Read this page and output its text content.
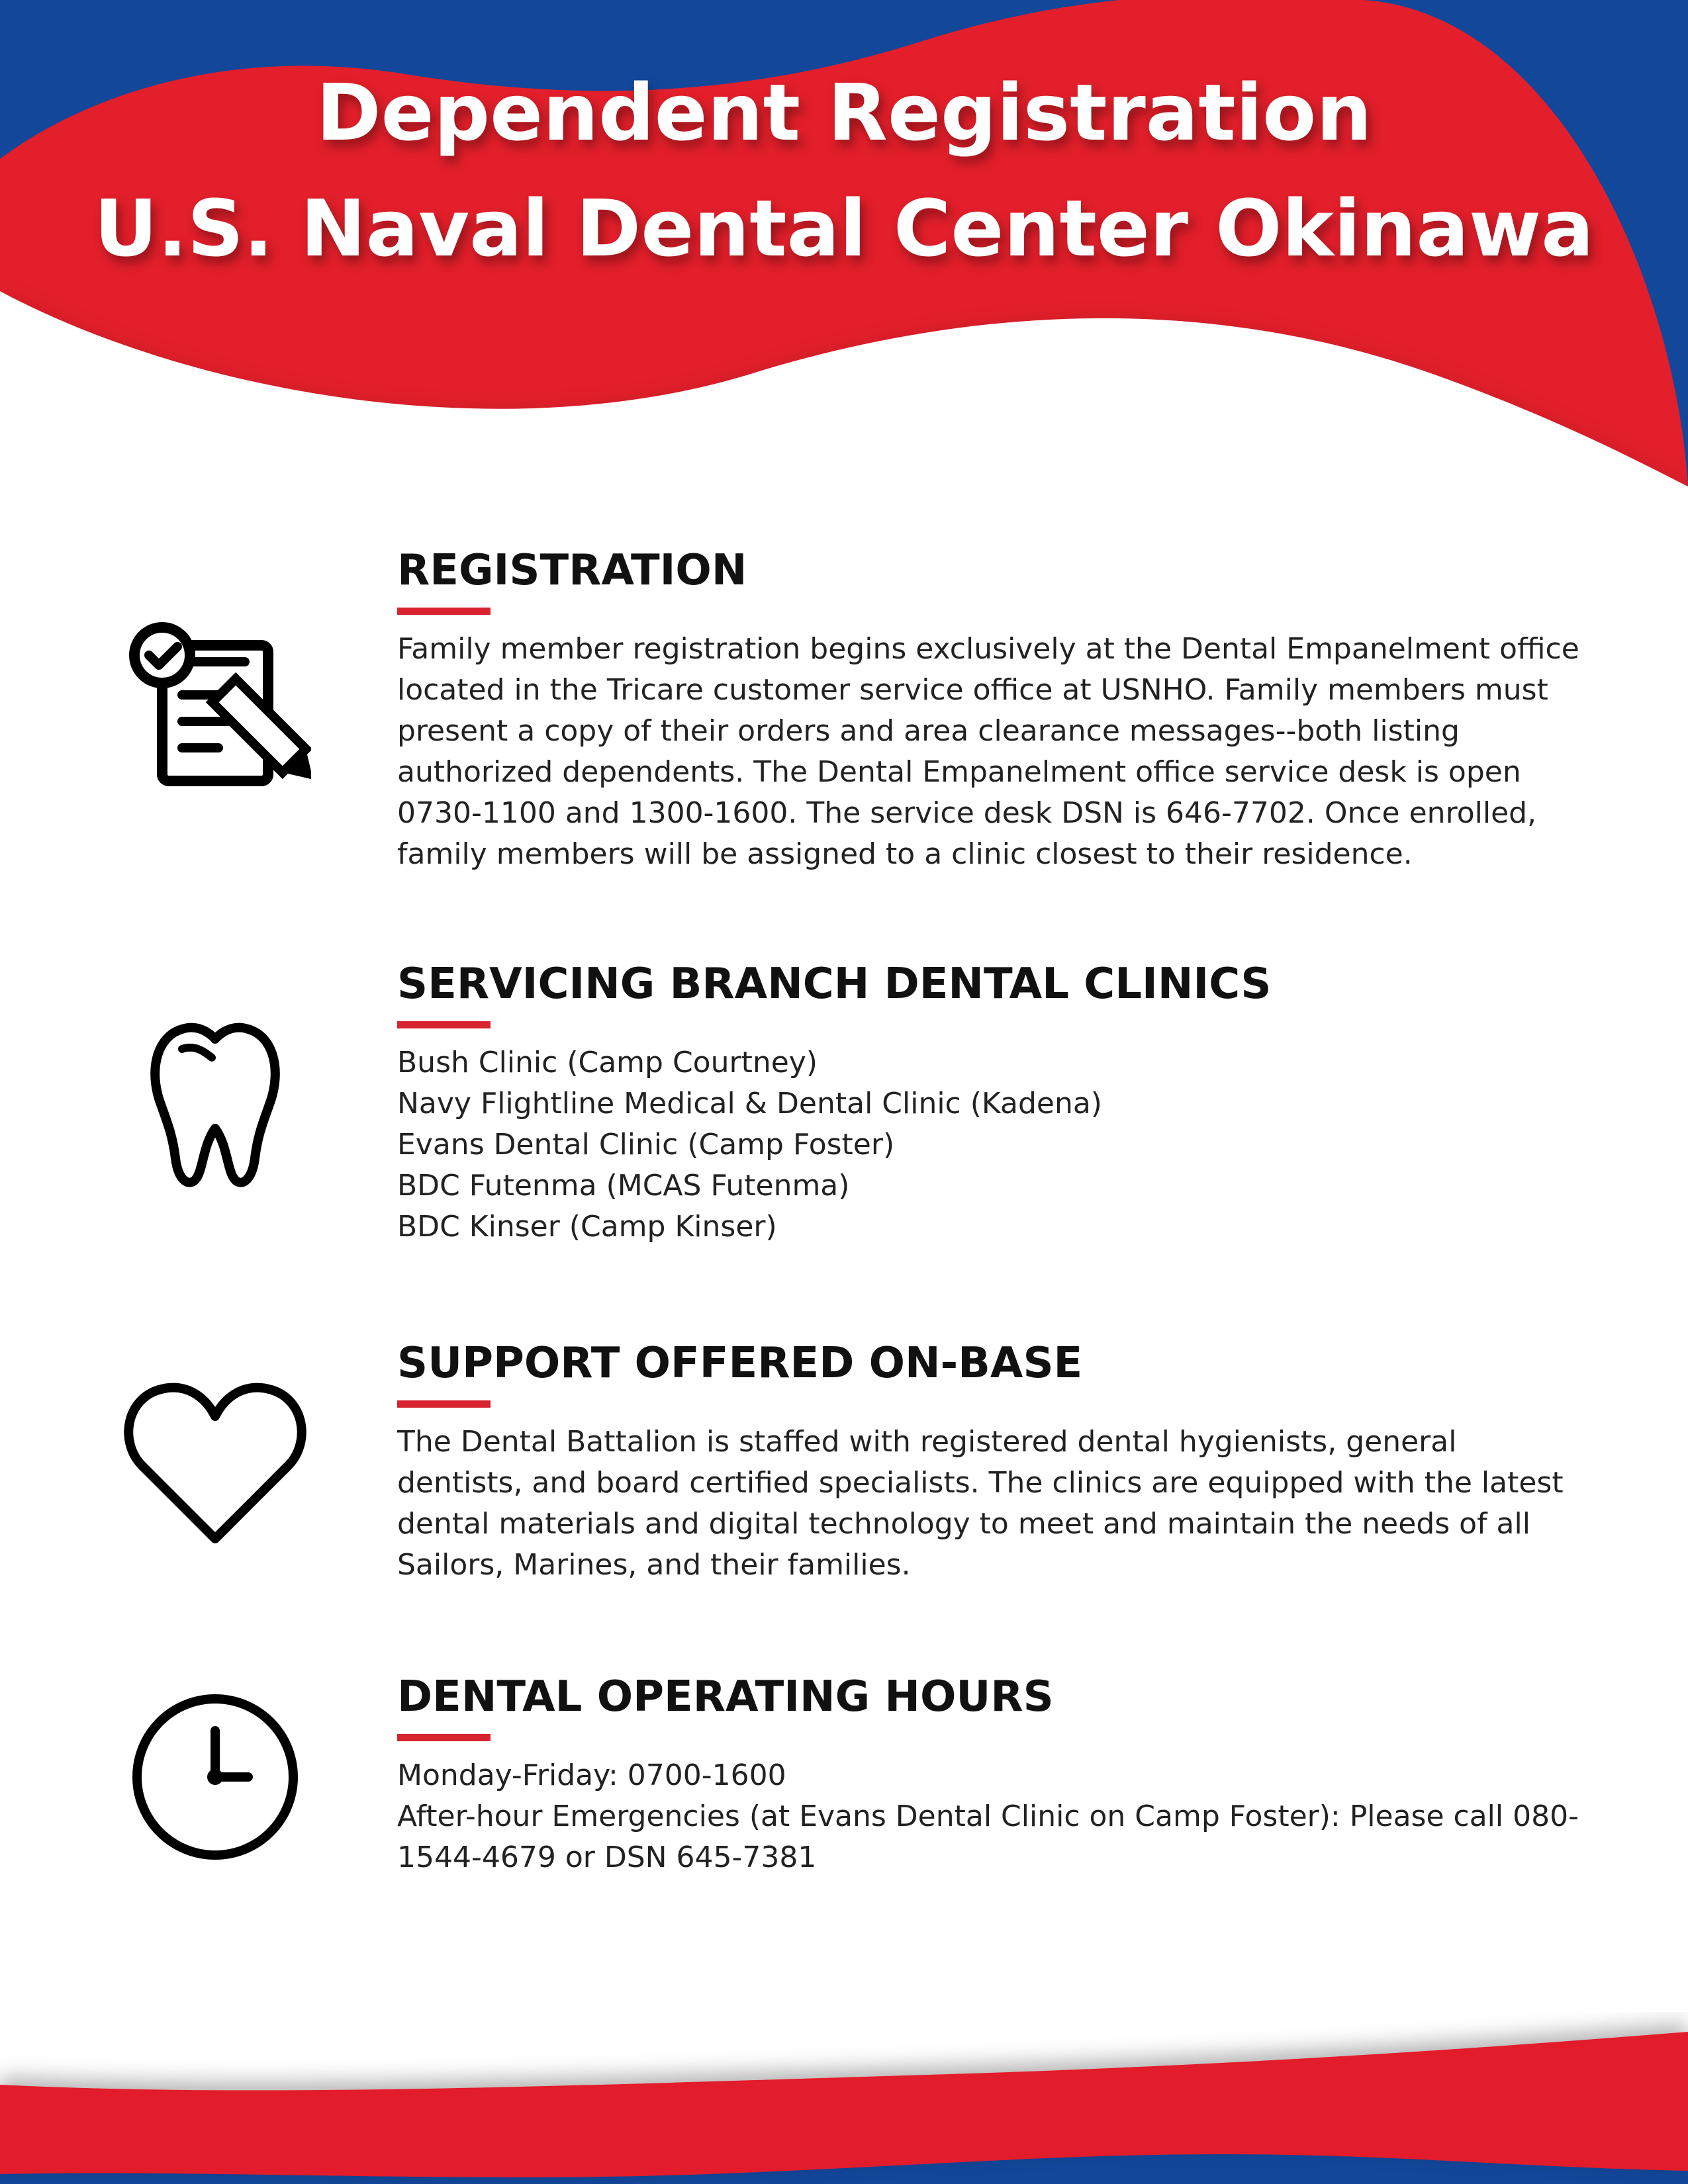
Dependent Registration
U.S. Naval Dental Center Okinawa
REGISTRATION

Family member registration begins exclusively at the Dental Empanelment office located in the Tricare customer service office at USNHO. Family members must present a copy of their orders and area clearance messages--both listing authorized dependents. The Dental Empanelment office service desk is open 0730-1100 and 1300-1600. The service desk DSN is 646-7702. Once enrolled, family members will be assigned to a clinic closest to their residence.

SERVICING BRANCH DENTAL CLINICS
Bush Clinic (Camp Courtney)
Navy Flightline Medical & Dental Clinic (Kadena)
Evans Dental Clinic (Camp Foster)
BDC Futenma (MCAS Futenma)
BDC Kinser (Camp Kinser)
SUPPORT OFFERED ON-BASE

The Dental Battalion is staffed with registered dental hygienists, general dentists, and board certified specialists. The clinics are equipped with the latest dental materials and digital technology to meet and maintain the needs of all Sailors, Marines, and their families.

DENTAL OPERATING HOURS
Monday-Friday: 0700-1600
After-hour Emergencies (at Evans Dental Clinic on Camp Foster): Please call 080-1544-4679 or DSN 645-7381
